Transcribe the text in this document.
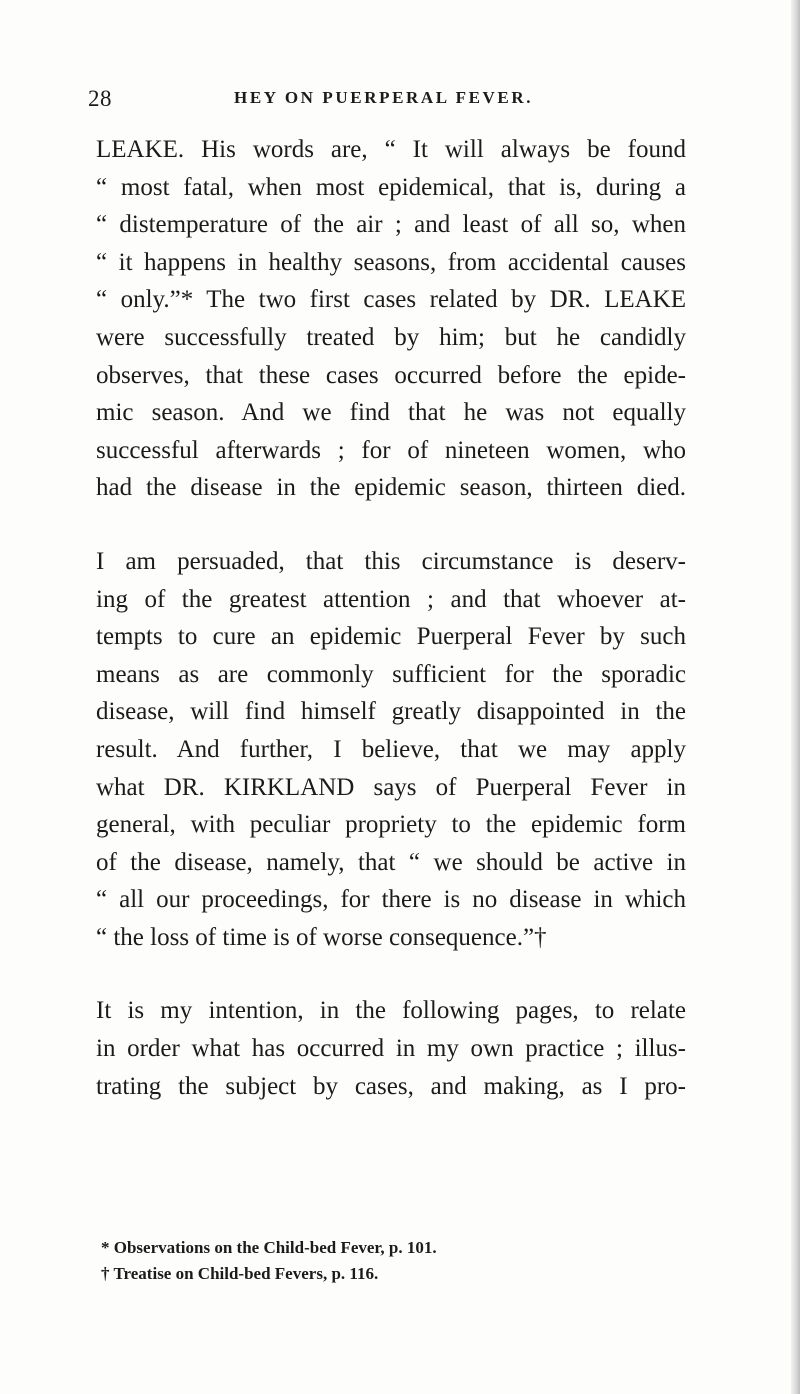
28	HEY ON PUERPERAL FEVER.
LEAKE. His words are, “ It will always be found
“ most fatal, when most epidemical, that is, during a
“ distemperature of the air ; and least of all so, when
“ it happens in healthy seasons, from accidental causes
“ only.”* The two first cases related by DR. LEAKE
were successfully treated by him; but he candidly
observes, that these cases occurred before the epide-
mic season. And we find that he was not equally
successful afterwards ; for of nineteen women, who
had the disease in the epidemic season, thirteen died.
I am persuaded, that this circumstance is deserv-
ing of the greatest attention ; and that whoever at-
tempts to cure an epidemic Puerperal Fever by such
means as are commonly sufficient for the sporadic
disease, will find himself greatly disappointed in the
result. And further, I believe, that we may apply
what DR. KIRKLAND says of Puerperal Fever in
general, with peculiar propriety to the epidemic form
of the disease, namely, that “ we should be active in
“ all our proceedings, for there is no disease in which
“ the loss of time is of worse consequence.”†
It is my intention, in the following pages, to relate
in order what has occurred in my own practice ; illus-
trating the subject by cases, and making, as I pro-
* Observations on the Child-bed Fever, p. 101.
† Treatise on Child-bed Fevers, p. 116.
